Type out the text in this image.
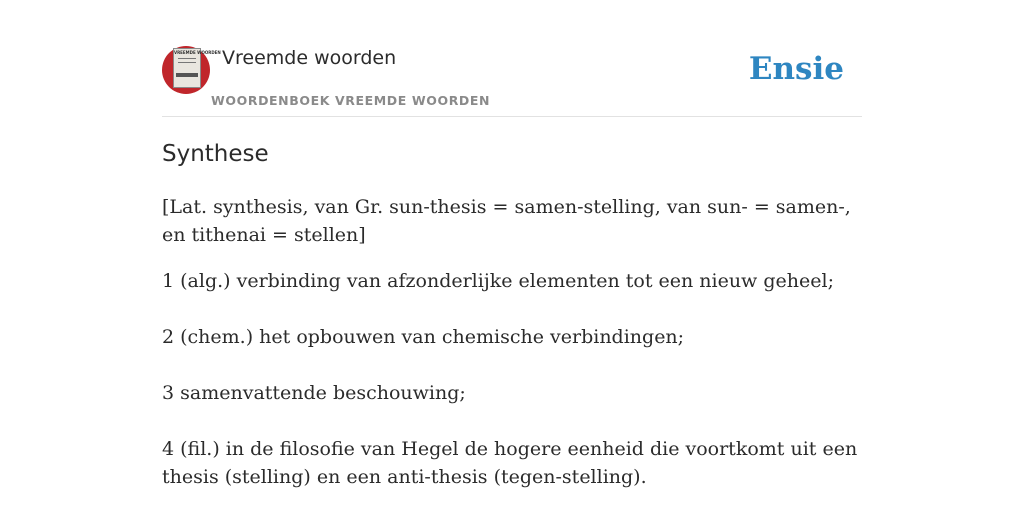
VREEMDE WOORDEN Vreemde woorden
WOORDENBOEK VREEMDE WOORDEN
Ensie
Synthese

[Lat. synthesis, van Gr. sun-thesis = samen-stelling, van sun- = samen-, en tithenai = stellen]

1 (alg.) verbinding van afzonderlijke elementen tot een nieuw geheel;
2 (chem.) het opbouwen van chemische verbindingen;
3 samenvattende beschouwing;
4 (fil.) in de filosofie van Hegel de hogere eenheid die voortkomt uit een thesis (stelling) en een anti-thesis (tegen-stelling).
